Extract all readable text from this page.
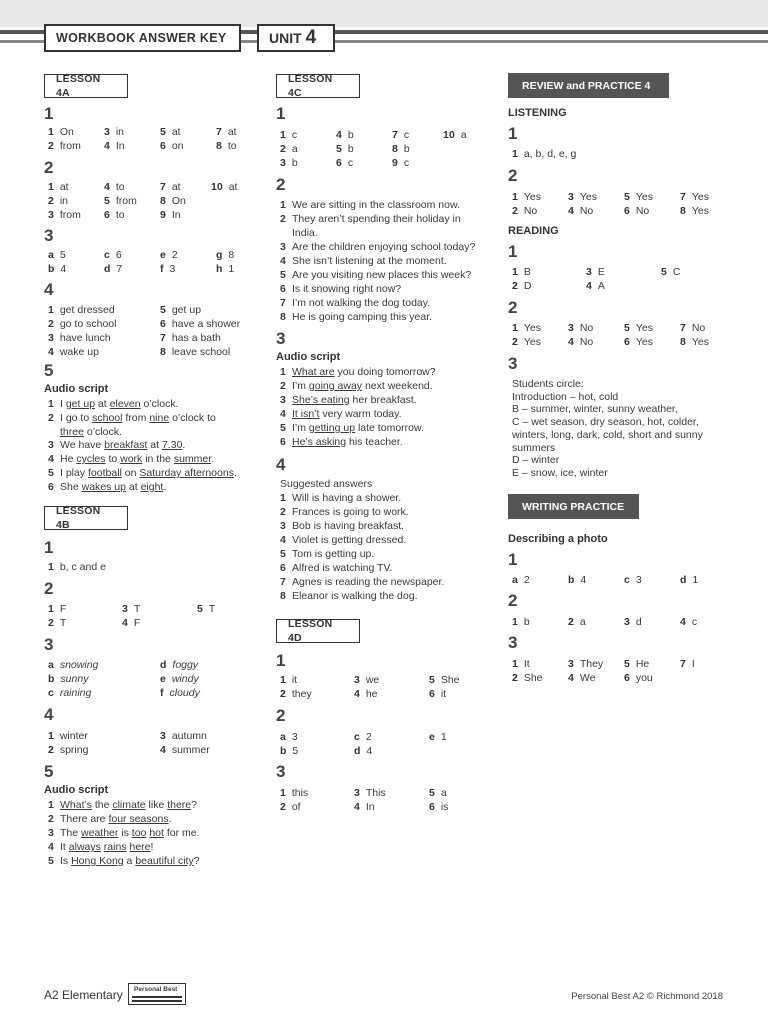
WORKBOOK ANSWER KEY	UNIT
4
LESSON 4A
1
1 On	3 in	5 at	7 at
2 from 4 In	6 on	8 to
2
1 at	4 to	7 at	10 at
2 in	5 from 8 On
3 from 6 to	9 In
3
a 5	c 6	e 2	g 8
b 4	d 7	f 3	h 1
4
1 get dressed	5 get up
2 go to school	6 have a shower
3 have lunch	7 has a bath
4 wake up	8 leave school
5
Audio script
1 I get up at eleven o’clock.
2 I go to school from nine o’clock to
three o’clock.
3 We have breakfast at 7.30.
4 He cycles to work in the summer.
5 I play football on Saturday afternoons.
6 She wakes up at eight.
LESSON 4B
1
1 b, c and e
2
1 F	3 T	5 T
2 T	4 F
3
a snowing	d foggy
b sunny	e windy
c raining	f cloudy
4
1 winter	3 autumn
2 spring	4 summer
5
Audio script
1 What’s the climate like there?
2 There are four seasons.
3 The weather is too hot for me.
4 It always rains here!
5 Is Hong Kong a beautiful city?
LESSON 4C
1
1 c	4 b	7 c	10 a
2 a	5 b	8 b
3 b	6 c	9 c
2
1 We are sitting in the classroom now.
2 They aren’t spending their holiday in
India.
3 Are the children enjoying school today?
4 She isn’t listening at the moment.
5 Are you visiting new places this week?
6 Is it snowing right now?
7 I’m not walking the dog today.
8 He is going camping this year.
3
Audio script
1 What are you doing tomorrow?
2 I’m going away next weekend.
3 She’s eating her breakfast.
4 It isn’t very warm today.
5 I’m getting up late tomorrow.
6 He’s asking his teacher.
4
Suggested answers
1 Will is having a shower.
2 Frances is going to work.
3 Bob is having breakfast.
4 Violet is getting dressed.
5 Tom is getting up.
6 Alfred is watching TV.
7 Agnes is reading the newspaper.
8 Eleanor is walking the dog.
LESSON 4D
1
1 it	3 we	5 She
2 they	4 he	6 it
2
a 3	c 2	e 1
b 5	d 4
3
1 this	3 This	5 a
2 of	4 In	6 is
REVIEW and PRACTICE 4
LISTENING
1
1 a, b, d, e, g
2
1 Yes	3 Yes	5 Yes	7 Yes
2 No	4 No	6 No	8 Yes
READING
1
1 B	3 E	5 C
2 D	4 A
2
1 Yes	3 No	5 Yes	7 No
2 Yes	4 No	6 Yes	8 Yes
3
Students circle:
Introduction – hot, cold
B – summer, winter, sunny weather,
C – wet season, dry season, hot, colder,
winters, long, dark, cold, short and sunny
summers
D – winter
E – snow, ice, winter
WRITING PRACTICE
Describing a photo
1
a 2	b 4	c 3	d 1
2
1 b	2 a	3 d	4 c
3
1 It	3 They 5 He	7 I
2 She 4 We	6 you
A2 Elementary Personal Best
Personal Best A2 © Richmond 2018
